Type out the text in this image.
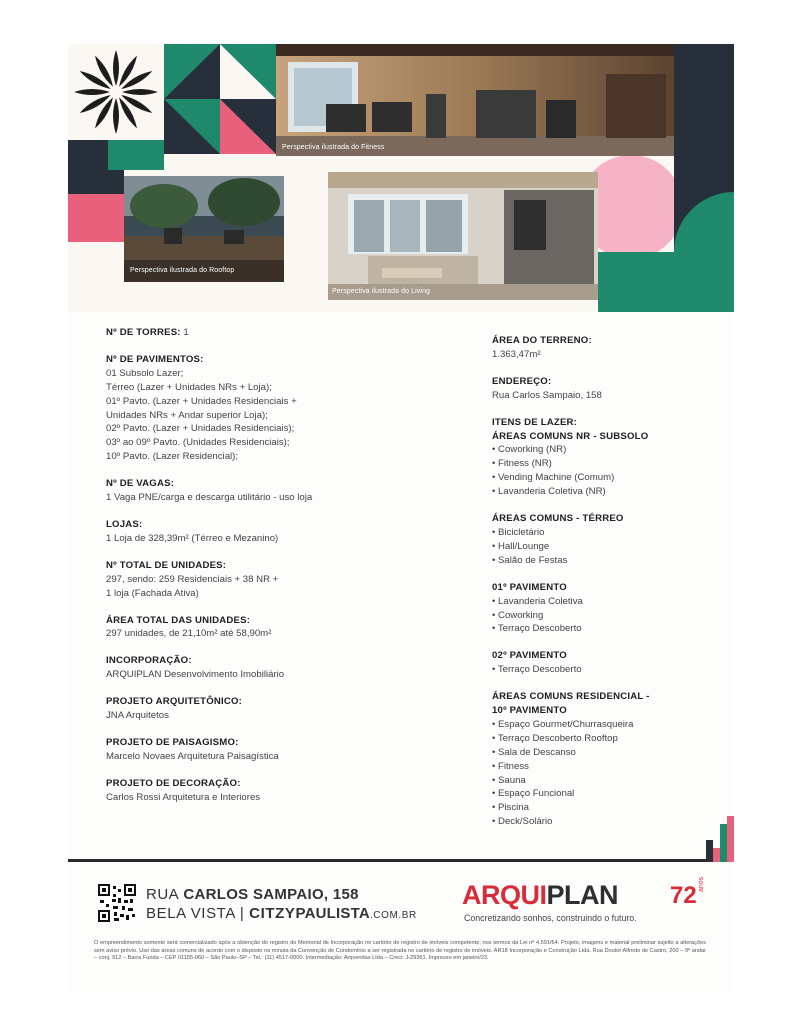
Perspectiva ilustrada do Fitness
Perspectiva ilustrada do Rooftop
Perspectiva ilustrada do Living
Nº DE TORRES: 1
Nº DE PAVIMENTOS:
01 Subsolo Lazer;
Térreo (Lazer + Unidades NRs + Loja);
01º Pavto. (Lazer + Unidades Residenciais +
Unidades NRs + Andar superior Loja);
02º Pavto. (Lazer + Unidades Residenciais);
03º ao 09º Pavto. (Unidades Residenciais);
10º Pavto. (Lazer Residencial);
Nº DE VAGAS:
1 Vaga PNE/carga e descarga utilitário - uso loja
LOJAS:
1 Loja de 328,39m² (Térreo e Mezanino)
Nº TOTAL DE UNIDADES:
297, sendo: 259 Residenciais + 38 NR +
1 loja (Fachada Ativa)
ÁREA TOTAL DAS UNIDADES:
297 unidades, de 21,10m² até 58,90m²
INCORPORAÇÃO:
ARQUIPLAN Desenvolvimento Imobiliário
PROJETO ARQUITETÔNICO:
JNA Arquitetos
PROJETO DE PAISAGISMO:
Marcelo Novaes Arquitetura Paisagística
PROJETO DE DECORAÇÃO:
Carlos Rossi Arquitetura e Interiores
ÁREA DO TERRENO:
1.363,47m²
ENDEREÇO:
Rua Carlos Sampaio, 158
ITENS DE LAZER:
ÁREAS COMUNS NR - SUBSOLO
• Coworking (NR)
• Fitness (NR)
• Vending Machine (Comum)
• Lavanderia Coletiva (NR)
ÁREAS COMUNS - TÉRREO
• Bicicletário
• Hall/Lounge
• Salão de Festas
01º PAVIMENTO
• Lavanderia Coletiva
• Coworking
• Terraço Descoberto
02º PAVIMENTO
• Terraço Descoberto
ÁREAS COMUNS RESIDENCIAL -
10º PAVIMENTO
• Espaço Gourmet/Churrasqueira
• Terraço Descoberto Rooftop
• Sala de Descanso
• Fitness
• Sauna
• Espaço Funcional
• Piscina
• Deck/Solário
RUA CARLOS SAMPAIO, 158
BELA VISTA | CITZYPAULISTA.COM.BR
ARQUIPLAN 72 anos
Concretizando sonhos, construindo o futuro.
O empreendimento somente será comercializado após a obtenção do registro do Memorial de Incorporação no cartório de registro de imóveis competente, nos termos da Lei nº 4.591/64. Projeto, imagens e material preliminar sujeito a alterações sem aviso prévio. Uso das áreas comuns de acordo com o disposto na minuta da Convenção de Condomínio a ser registrada no cartório de registro de imóveis. AR18 Incorporação e Construção Ltda. Rua Doutor Alfredo de Castro, 200 – 9º andar – conj. 912 – Barra Funda – CEP 01155-060 – São Paulo–SP – Tel.: (11) 4517-0000. Intermediação: Arqvendas Ltda – Creci: J-29361. Impresso em janeiro/23.
